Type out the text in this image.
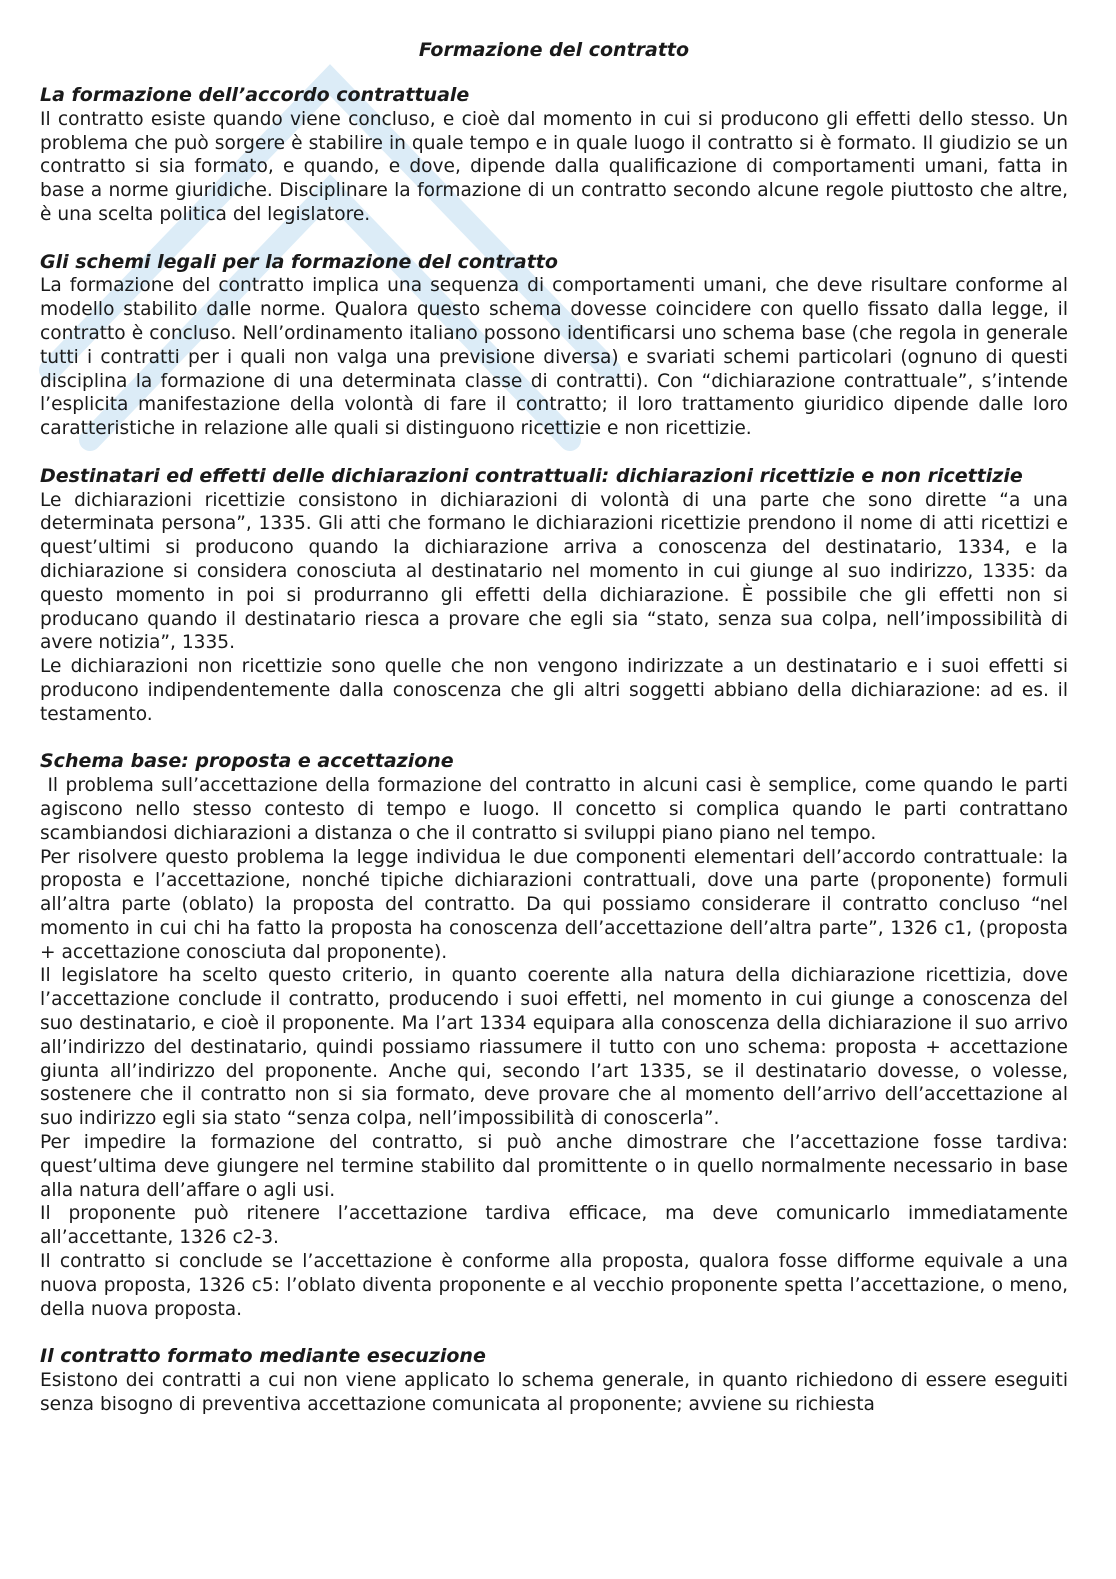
Formazione del contratto
La formazione dell’accordo contrattuale

Il contratto esiste quando viene concluso, e cioè dal momento in cui si producono gli effetti dello stesso. Un problema che può sorgere è stabilire in quale tempo e in quale luogo il contratto si è formato. Il giudizio se un contratto si sia formato, e quando, e dove, dipende dalla qualificazione di comportamenti umani, fatta in base a norme giuridiche. Disciplinare la formazione di un contratto secondo alcune regole piuttosto che altre, è una scelta politica del legislatore.

Gli schemi legali per la formazione del contratto

La formazione del contratto implica una sequenza di comportamenti umani, che deve risultare conforme al modello stabilito dalle norme. Qualora questo schema dovesse coincidere con quello fissato dalla legge, il contratto è concluso. Nell’ordinamento italiano possono identificarsi uno schema base (che regola in generale tutti i contratti per i quali non valga una previsione diversa) e svariati schemi particolari (ognuno di questi disciplina la formazione di una determinata classe di contratti). Con “dichiarazione contrattuale”, s’intende l’esplicita manifestazione della volontà di fare il contratto; il loro trattamento giuridico dipende dalle loro caratteristiche in relazione alle quali si distinguono ricettizie e non ricettizie.

Destinatari ed effetti delle dichiarazioni contrattuali: dichiarazioni ricettizie e non ricettizie

Le dichiarazioni ricettizie consistono in dichiarazioni di volontà di una parte che sono dirette “a una determinata persona”, 1335. Gli atti che formano le dichiarazioni ricettizie prendono il nome di atti ricettizi e quest’ultimi si producono quando la dichiarazione arriva a conoscenza del destinatario, 1334, e la dichiarazione si considera conosciuta al destinatario nel momento in cui giunge al suo indirizzo, 1335: da questo momento in poi si produrranno gli effetti della dichiarazione. È possibile che gli effetti non si producano quando il destinatario riesca a provare che egli sia “stato, senza sua colpa, nell’impossibilità di avere notizia”, 1335.

Le dichiarazioni non ricettizie sono quelle che non vengono indirizzate a un destinatario e i suoi effetti si producono indipendentemente dalla conoscenza che gli altri soggetti abbiano della dichiarazione: ad es. il testamento.

Schema base: proposta e accettazione

Il problema sull’accettazione della formazione del contratto in alcuni casi è semplice, come quando le parti agiscono nello stesso contesto di tempo e luogo. Il concetto si complica quando le parti contrattano scambiandosi dichiarazioni a distanza o che il contratto si sviluppi piano piano nel tempo.

Per risolvere questo problema la legge individua le due componenti elementari dell’accordo contrattuale: la proposta e l’accettazione, nonché tipiche dichiarazioni contrattuali, dove una parte (proponente) formuli all’altra parte (oblato) la proposta del contratto. Da qui possiamo considerare il contratto concluso “nel momento in cui chi ha fatto la proposta ha conoscenza dell’accettazione dell’altra parte”, 1326 c1, (proposta + accettazione conosciuta dal proponente).

Il legislatore ha scelto questo criterio, in quanto coerente alla natura della dichiarazione ricettizia, dove l’accettazione conclude il contratto, producendo i suoi effetti, nel momento in cui giunge a conoscenza del suo destinatario, e cioè il proponente. Ma l’art 1334 equipara alla conoscenza della dichiarazione il suo arrivo all’indirizzo del destinatario, quindi possiamo riassumere il tutto con uno schema: proposta + accettazione giunta all’indirizzo del proponente. Anche qui, secondo l’art 1335, se il destinatario dovesse, o volesse, sostenere che il contratto non si sia formato, deve provare che al momento dell’arrivo dell’accettazione al suo indirizzo egli sia stato “senza colpa, nell’impossibilità di conoscerla”.

Per impedire la formazione del contratto, si può anche dimostrare che l’accettazione fosse tardiva: quest’ultima deve giungere nel termine stabilito dal promittente o in quello normalmente necessario in base alla natura dell’affare o agli usi.

Il proponente può ritenere l’accettazione tardiva efficace, ma deve comunicarlo immediatamente all’accettante, 1326 c2-3.

Il contratto si conclude se l’accettazione è conforme alla proposta, qualora fosse difforme equivale a una nuova proposta, 1326 c5: l’oblato diventa proponente e al vecchio proponente spetta l’accettazione, o meno, della nuova proposta.

Il contratto formato mediante esecuzione

Esistono dei contratti a cui non viene applicato lo schema generale, in quanto richiedono di essere eseguiti senza bisogno di preventiva accettazione comunicata al proponente; avviene su richiesta
